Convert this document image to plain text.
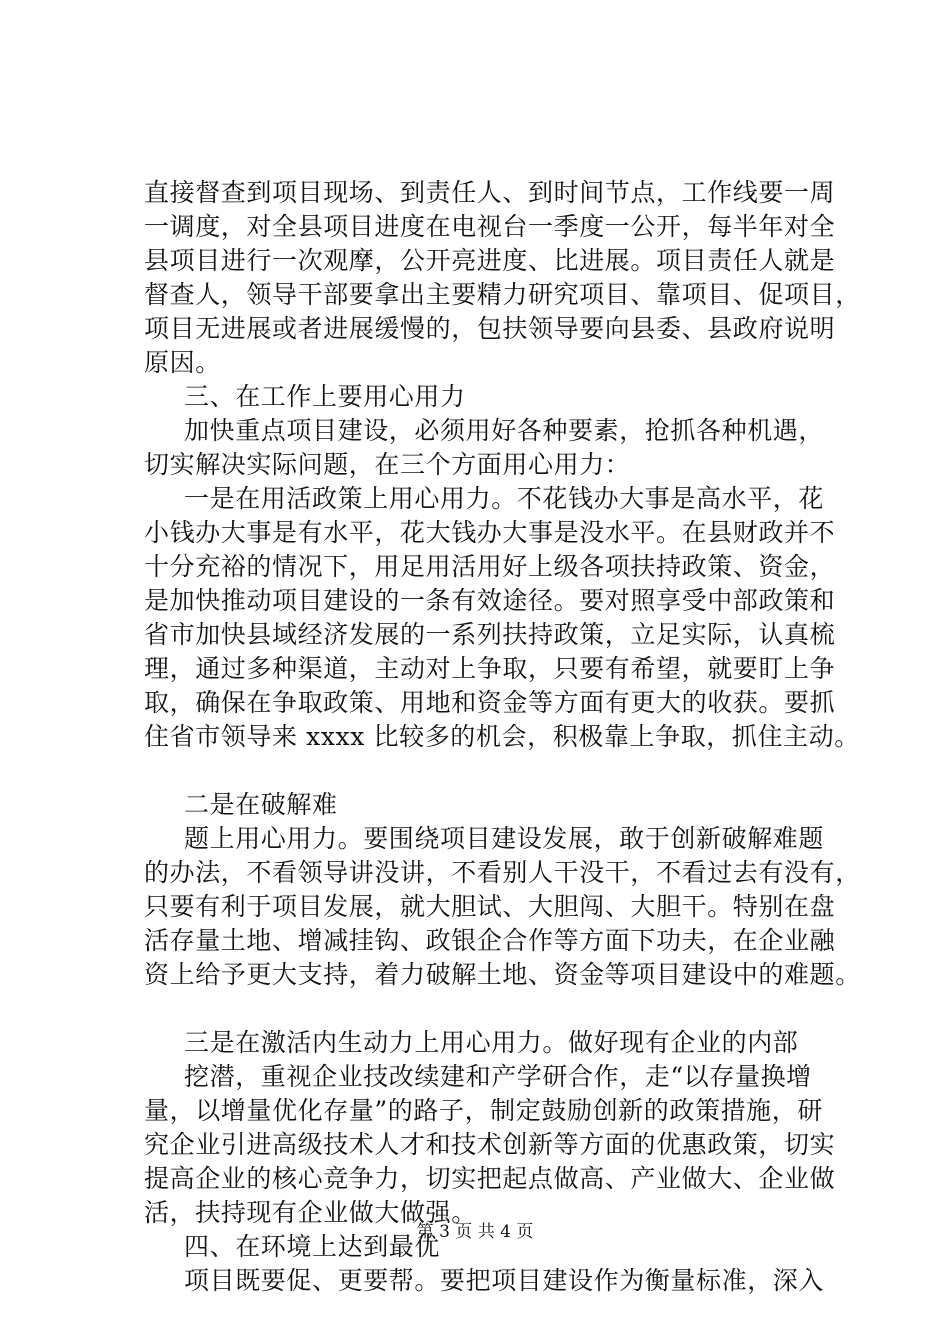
直接督查到项目现场、到责任人、到时间节点，工作线要一周
一调度，对全县项目进度在电视台一季度一公开，每半年对全
县项目进行一次观摩，公开亮进度、比进展。项目责任人就是
督查人，领导干部要拿出主要精力研究项目、靠项目、促项目，
项目无进展或者进展缓慢的，包扶领导要向县委、县政府说明
原因。
三、在工作上要用心用力
加快重点项目建设，必须用好各种要素，抢抓各种机遇，
切实解决实际问题，在三个方面用心用力：
一是在用活政策上用心用力。不花钱办大事是高水平，花
小钱办大事是有水平，花大钱办大事是没水平。在县财政并不
十分充裕的情况下，用足用活用好上级各项扶持政策、资金，
是加快推动项目建设的一条有效途径。要对照享受中部政策和
省市加快县域经济发展的一系列扶持政策，立足实际，认真梳
理，通过多种渠道，主动对上争取，只要有希望，就要盯上争
取，确保在争取政策、用地和资金等方面有更大的收获。要抓
住省市领导来 xxxx 比较多的机会，积极靠上争取，抓住主动。
二是在破解难
题上用心用力。要围绕项目建设发展，敢于创新破解难题
的办法，不看领导讲没讲，不看别人干没干，不看过去有没有，
只要有利于项目发展，就大胆试、大胆闯、大胆干。特别在盘
活存量土地、增减挂钩、政银企合作等方面下功夫，在企业融
资上给予更大支持，着力破解土地、资金等项目建设中的难题。
三是在激活内生动力上用心用力。做好现有企业的内部
挖潜，重视企业技改续建和产学研合作，走“以存量换增
量，以增量优化存量”的路子，制定鼓励创新的政策措施，研
究企业引进高级技术人才和技术创新等方面的优惠政策，切实
提高企业的核心竞争力，切实把起点做高、产业做大、企业做
活，扶持现有企业做大做强。
四、在环境上达到最优
项目既要促、更要帮。要把项目建设作为衡量标准，深入
第 3 页 共 4 页
